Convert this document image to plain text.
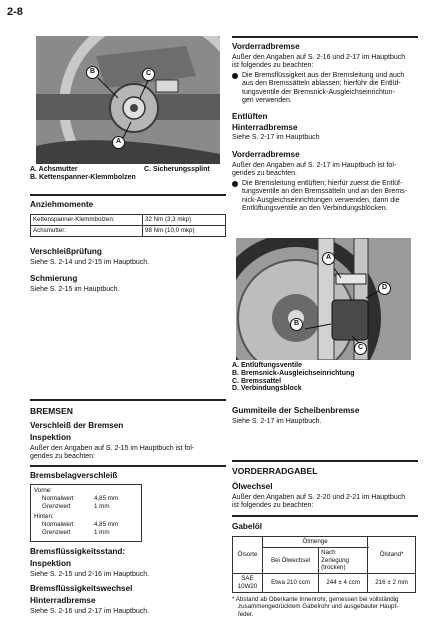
2-8
B	C
A
A. Achsmutter	C. Sicherungssplint
B. Kettenspanner-Klemmbolzen
Anziehmomente
Kettenspanner-Klemmbolzen:	32 Nm (3,3 mkp)
Achsmutter:	98 Nm (10,0 mkp)
Verschleißprüfung
Siehe S. 2-14 und 2-15 im Hauptbuch.
Schmierung
Siehe S. 2-15 im Hauptbuch.
BREMSEN
Verschleiß der Bremsen
Inspektion
Außer den Angaben auf S. 2-15 im Hauptbuch ist fol-
gendes zu beachten:
Bremsbelagverschleiß
Vorne:
Normalwert	4,85 mm
Grenzwert	1 mm
Hinten:
Normalwert	4,85 mm
Grenzwert	1 mm
Bremsflüssigkeitsstand:
Inspektion
Siehe S. 2-15 und 2-16 im Hauptbuch.
Bremsflüssigkeitswechsel
Hinterradbremse
Siehe S. 2-16 und 2-17 im Hauptbuch.
Vorderradbremse
Außer den Angaben auf S. 2-16 und 2-17 im Hauptbuch
ist folgendes zu beachten:
Die Bremsflüssigkeit aus der Bremsleitung und auch
aus den Bremssätteln ablassen; hierführ die Entlüf-
tungsventile der Bremsnick-Ausgleichseinrichtun-
gen verwenden.
Entlüften
Hinterradbremse
Siehe S. 2-17 im Hauptbuch
Vorderradbremse
Außer den Angaben auf S. 2-17 im Hauptbuch ist fol-
gendes zu beachten.
Die Bremsleitung entlüften; hierfür zuerst die Entlüf-
tungsventile an den Bremssätteln und an den Brems-
nick-Ausgleichseinrichtungen verwenden, dann die
Entlüftungsventile an den Verbindungsblöcken.
A
D
B
C
A. Entlüftungsventile
B. Bremsnick-Ausgleichseinrichtung
C. Bremssattel
D. Verbindungsblock
Gummiteile der Scheibenbremse
Siehe S. 2-17 im Hauptbuch.
VORDERRADGABEL
Ölwechsel
Außer den Angaben auf S. 2-20 und 2-21 im Hauptbuch
ist folgendes zu beachten:
Gabelöl
Ölsorte	Ölmenge		Ölstand*
	Bei Ölwechsel	Nach
Zerlegung
(trocken)	

SAE
10W20	Etwa 210 ccm	244 ± 4 ccm	216 ± 2 mm
* Abstand ab Oberkante Innenrohr, gemessen bei vollständig
zusammengedrücktem Gabelrohr und ausgebauter Haupt-
feder.
